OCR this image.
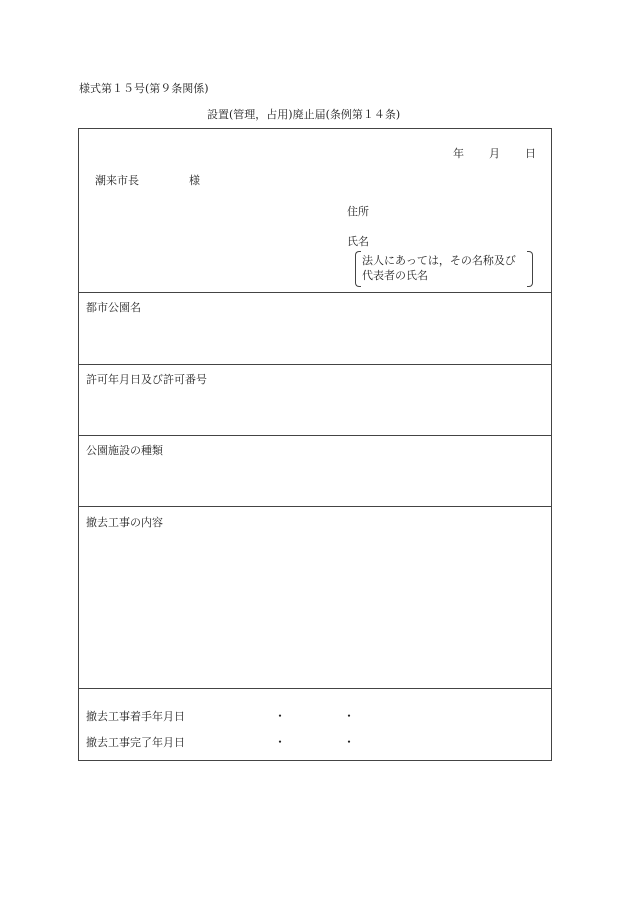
様式第１５号(第９条関係)
設置(管理，占用)廃止届(条例第１４条)
年 月 日
潮来市長	様
住所
氏名
法人にあっては，その名称及び
代表者の氏名
都市公園名
許可年月日及び許可番号
公園施設の種類
撤去工事の内容
撤去工事着手年月日	・	・
撤去工事完了年月日	・	・
